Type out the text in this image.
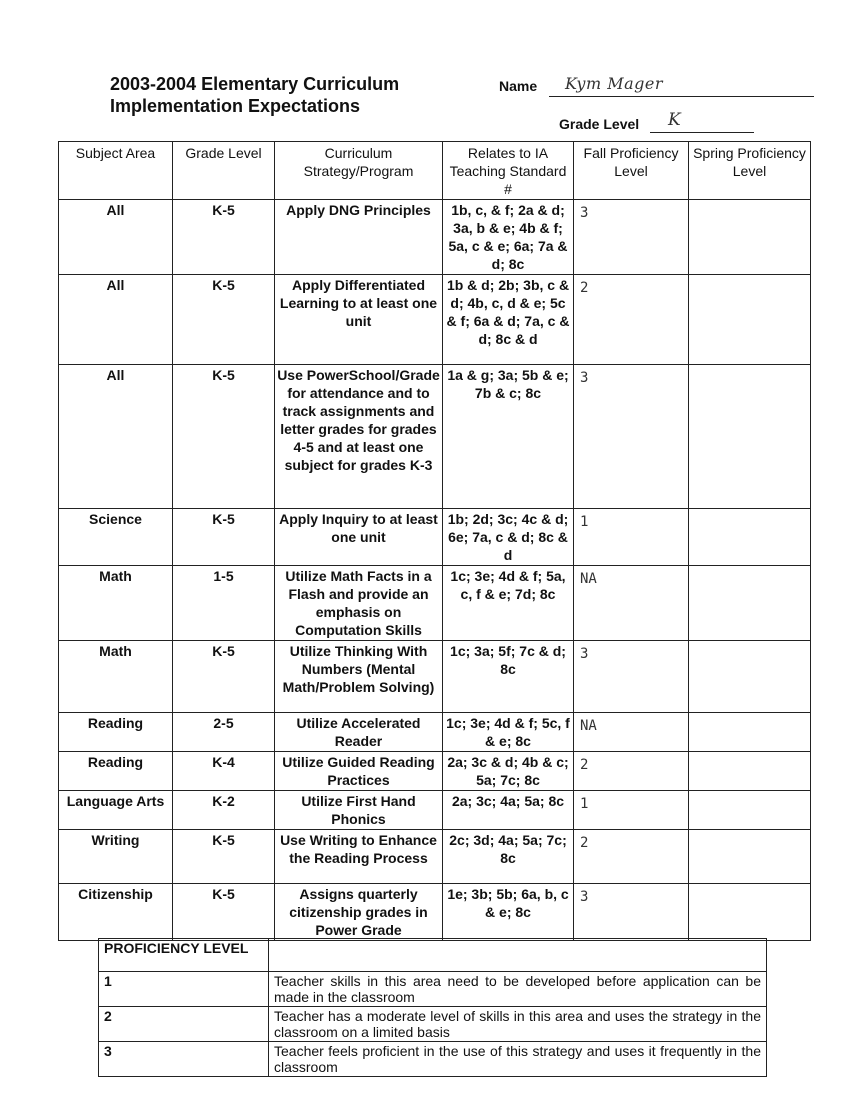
2003-2004 Elementary Curriculum
Implementation Expectations
Name Kym Mager
Grade Level K
Subject Area	Grade Level	Curriculum Strategy/Program	Relates to IA Teaching Standard #	Fall Proficiency Level	Spring Proficiency Level
All	K-5	Apply DNG Principles	1b, c, & f; 2a & d; 3a, b & e; 4b & f; 5a, c & e; 6a; 7a & d; 8c	3	
All	K-5	Apply Differentiated Learning to at least one unit	1b & d; 2b; 3b, c & d; 4b, c, d & e; 5c & f; 6a & d; 7a, c & d; 8c & d	2	
All	K-5	Use PowerSchool/Grade for attendance and to track assignments and letter grades for grades 4-5 and at least one subject for grades K-3	1a & g; 3a; 5b & e; 7b & c; 8c	3	
Science	K-5	Apply Inquiry to at least one unit	1b; 2d; 3c; 4c & d; 6e; 7a, c & d; 8c & d	1	
Math	1-5	Utilize Math Facts in a Flash and provide an emphasis on Computation Skills	1c; 3e; 4d & f; 5a, c, f & e; 7d; 8c	NA	
Math	K-5	Utilize Thinking With Numbers (Mental Math/Problem Solving)	1c; 3a; 5f; 7c & d; 8c	3	
Reading	2-5	Utilize Accelerated Reader	1c; 3e; 4d & f; 5c, f & e; 8c	NA	
Reading	K-4	Utilize Guided Reading Practices	2a; 3c & d; 4b & c; 5a; 7c; 8c	2	
Language Arts	K-2	Utilize First Hand Phonics	2a; 3c; 4a; 5a; 8c	1	
Writing	K-5	Use Writing to Enhance the Reading Process	2c; 3d; 4a; 5a; 7c; 8c	2	
Citizenship	K-5	Assigns quarterly citizenship grades in Power Grade	1e; 3b; 5b; 6a, b, c & e; 8c	3	
PROFICIENCY LEVEL	
1	Teacher skills in this area need to be developed before application can be made in the classroom
2	Teacher has a moderate level of skills in this area and uses the strategy in the classroom on a limited basis
3	Teacher feels proficient in the use of this strategy and uses it frequently in the classroom
